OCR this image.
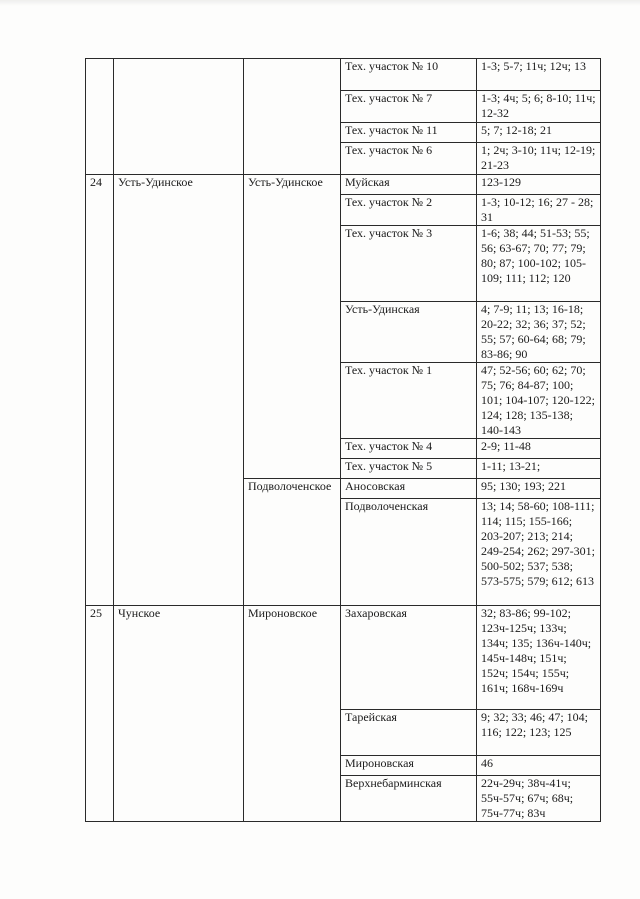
			Тех. участок № 10	1-3; 5-7; 11ч; 12ч; 13
			Тех. участок № 7	1-3; 4ч; 5; 6; 8-10; 11ч; 12-32
			Тех. участок № 11	5; 7; 12-18; 21
			Тех. участок № 6	1; 2ч; 3-10; 11ч; 12-19; 21-23
24	Усть-Удинское	Усть-Удинское	Муйская	123-129
			Тех. участок № 2	1-3; 10-12; 16; 27 - 28; 31
			Тех. участок № 3	1-6; 38; 44; 51-53; 55; 56; 63-67; 70; 77; 79; 80; 87; 100-102; 105-109; 111; 112; 120
			Усть-Удинская	4; 7-9; 11; 13; 16-18; 20-22; 32; 36; 37; 52; 55; 57; 60-64; 68; 79; 83-86; 90
			Тех. участок № 1	47; 52-56; 60; 62; 70; 75; 76; 84-87; 100; 101; 104-107; 120-122; 124; 128; 135-138; 140-143
			Тех. участок № 4	2-9; 11-48
			Тех. участок № 5	1-11; 13-21;
		Подволоченское	Аносовская	95; 130; 193; 221
			Подволоченская	13; 14; 58-60; 108-111; 114; 115; 155-166; 203-207; 213; 214; 249-254; 262; 297-301; 500-502; 537; 538; 573-575; 579; 612; 613
25	Чунское	Мироновское	Захаровская	32; 83-86; 99-102; 123ч-125ч; 133ч; 134ч; 135; 136ч-140ч; 145ч-148ч; 151ч; 152ч; 154ч; 155ч; 161ч; 168ч-169ч
			Тарейская	9; 32; 33; 46; 47; 104; 116; 122; 123; 125
			Мироновская	46
			Верхнебарминская	22ч-29ч; 38ч-41ч; 55ч-57ч; 67ч; 68ч; 75ч-77ч; 83ч
